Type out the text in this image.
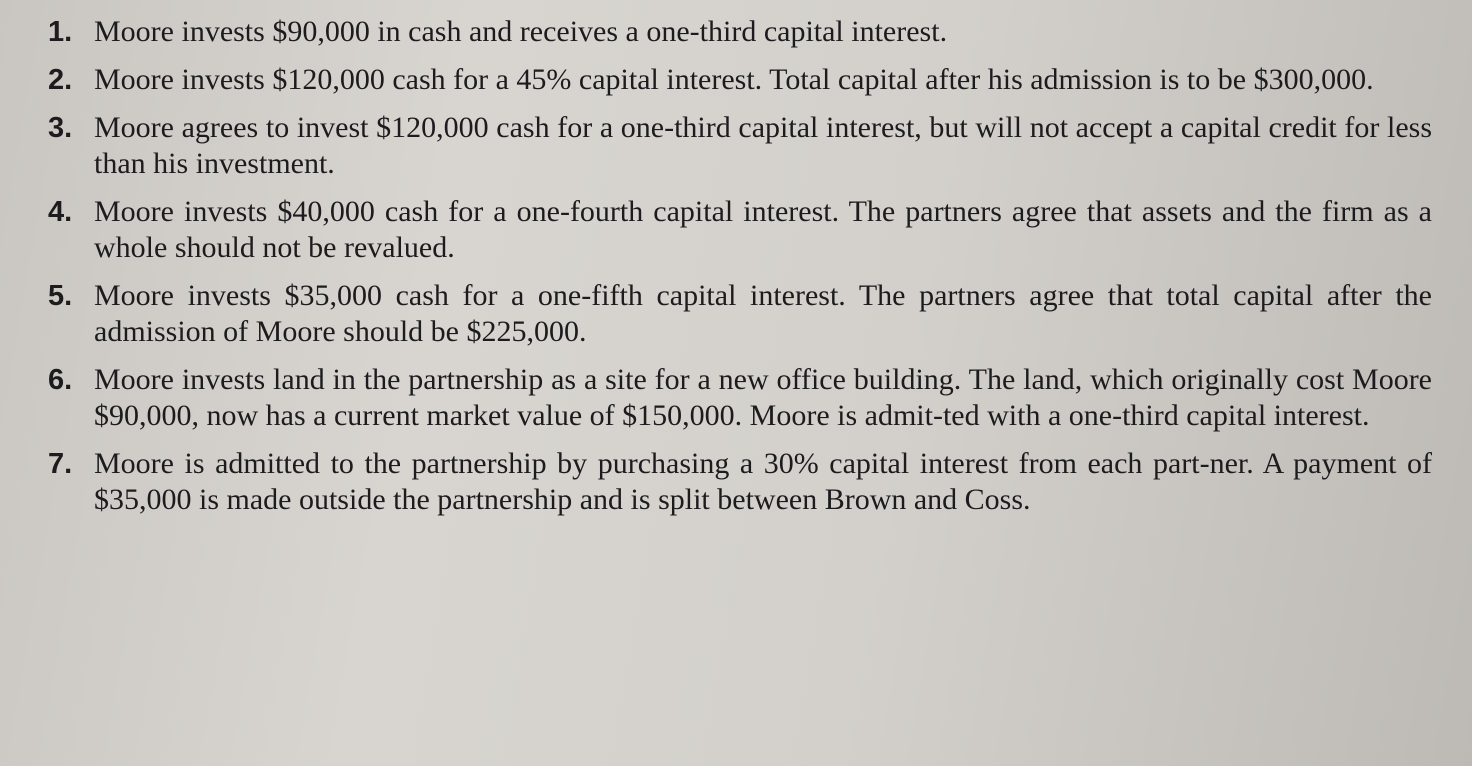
1. Moore invests $90,000 in cash and receives a one-third capital interest.
2. Moore invests $120,000 cash for a 45% capital interest. Total capital after his admission is to be $300,000.
3. Moore agrees to invest $120,000 cash for a one-third capital interest, but will not accept a capital credit for less than his investment.
4. Moore invests $40,000 cash for a one-fourth capital interest. The partners agree that assets and the firm as a whole should not be revalued.
5. Moore invests $35,000 cash for a one-fifth capital interest. The partners agree that total capital after the admission of Moore should be $225,000.
6. Moore invests land in the partnership as a site for a new office building. The land, which originally cost Moore $90,000, now has a current market value of $150,000. Moore is admit-ted with a one-third capital interest.
7. Moore is admitted to the partnership by purchasing a 30% capital interest from each part-ner. A payment of $35,000 is made outside the partnership and is split between Brown and Coss.
